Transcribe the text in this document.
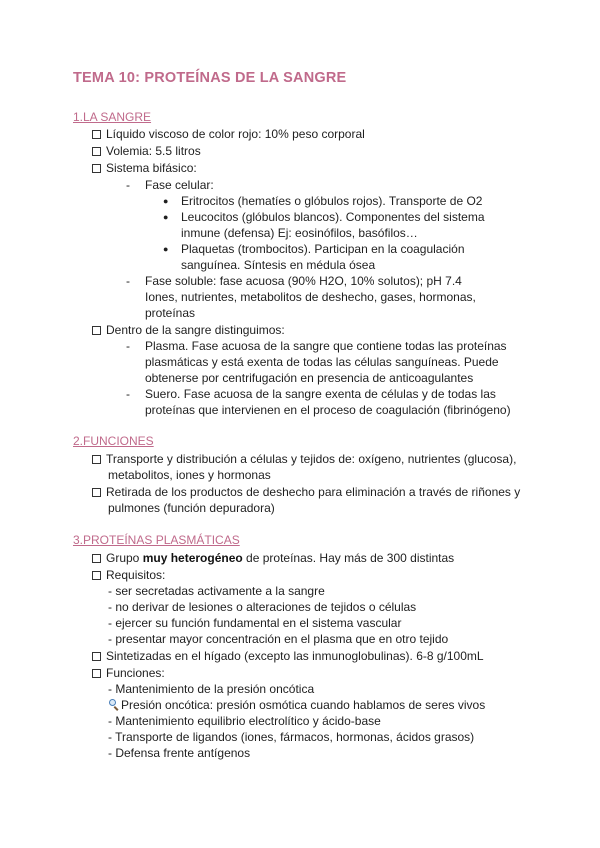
TEMA 10: PROTEÍNAS DE LA SANGRE
1.LA SANGRE
Líquido viscoso de color rojo: 10% peso corporal
Volemia: 5.5 litros
Sistema bifásico:
- Fase celular:
● Eritrocitos (hematíes o glóbulos rojos). Transporte de O2
● Leucocitos (glóbulos blancos). Componentes del sistema
inmune (defensa) Ej: eosinófilos, basófilos…
● Plaquetas (trombocitos). Participan en la coagulación
sanguínea. Síntesis en médula ósea
- Fase soluble: fase acuosa (90% H2O, 10% solutos); pH 7.4
Iones, nutrientes, metabolitos de deshecho, gases, hormonas,
proteínas
Dentro de la sangre distinguimos:
- Plasma. Fase acuosa de la sangre que contiene todas las proteínas
plasmáticas y está exenta de todas las células sanguíneas. Puede
obtenerse por centrifugación en presencia de anticoagulantes
- Suero. Fase acuosa de la sangre exenta de células y de todas las
proteínas que intervienen en el proceso de coagulación (fibrinógeno)
2.FUNCIONES
Transporte y distribución a células y tejidos de: oxígeno, nutrientes (glucosa),
metabolitos, iones y hormonas
Retirada de los productos de deshecho para eliminación a través de riñones y
pulmones (función depuradora)
3.PROTEÍNAS PLASMÁTICAS
Grupo muy heterogéneo de proteínas. Hay más de 300 distintas
Requisitos:
- ser secretadas activamente a la sangre
- no derivar de lesiones o alteraciones de tejidos o células
- ejercer su función fundamental en el sistema vascular
- presentar mayor concentración en el plasma que en otro tejido
Sintetizadas en el hígado (excepto las inmunoglobulinas). 6-8 g/100mL
Funciones:
- Mantenimiento de la presión oncótica
Presión oncótica: presión osmótica cuando hablamos de seres vivos
- Mantenimiento equilibrio electrolítico y ácido-base
- Transporte de ligandos (iones, fármacos, hormonas, ácidos grasos)
- Defensa frente antígenos
